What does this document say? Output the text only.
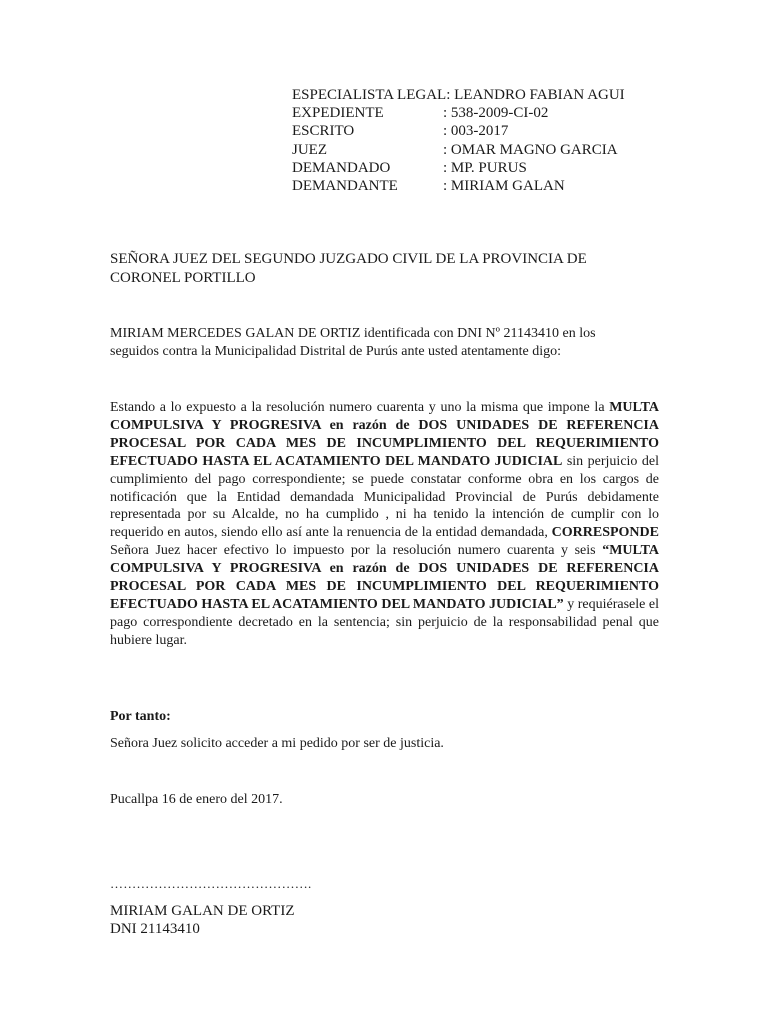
ESPECIALISTA LEGAL: LEANDRO FABIAN AGUI
EXPEDIENTE	: 538-2009-CI-02
ESCRITO	: 003-2017
JUEZ	: OMAR MAGNO GARCIA
DEMANDADO	: MP. PURUS
DEMANDANTE	: MIRIAM GALAN
SEÑORA JUEZ DEL SEGUNDO JUZGADO CIVIL DE LA PROVINCIA DE
CORONEL PORTILLO
MIRIAM MERCEDES GALAN DE ORTIZ identificada con DNI Nº 21143410 en los
seguidos contra la Municipalidad Distrital de Purús ante usted atentamente digo:
Estando a lo expuesto a la resolución numero cuarenta y uno la misma que impone la MULTA COMPULSIVA Y PROGRESIVA en razón de DOS UNIDADES DE REFERENCIA PROCESAL POR CADA MES DE INCUMPLIMIENTO DEL REQUERIMIENTO EFECTUADO HASTA EL ACATAMIENTO DEL MANDATO JUDICIAL sin perjuicio del cumplimiento del pago correspondiente; se puede constatar conforme obra en los cargos de notificación que la Entidad demandada Municipalidad Provincial de Purús debidamente representada por su Alcalde, no ha cumplido , ni ha tenido la intención de cumplir con lo requerido en autos, siendo ello así ante la renuencia de la entidad demandada, CORRESPONDE Señora Juez hacer efectivo lo impuesto por la resolución numero cuarenta y seis “MULTA COMPULSIVA Y PROGRESIVA en razón de DOS UNIDADES DE REFERENCIA PROCESAL POR CADA MES DE INCUMPLIMIENTO DEL REQUERIMIENTO EFECTUADO HASTA EL ACATAMIENTO DEL MANDATO JUDICIAL” y requiérasele el pago correspondiente decretado en la sentencia; sin perjuicio de la responsabilidad penal que hubiere lugar.
Por tanto:
Señora Juez solicito acceder a mi pedido por ser de justicia.
Pucallpa 16 de enero del 2017.
……………………………………….
MIRIAM GALAN DE ORTIZ
DNI 21143410
